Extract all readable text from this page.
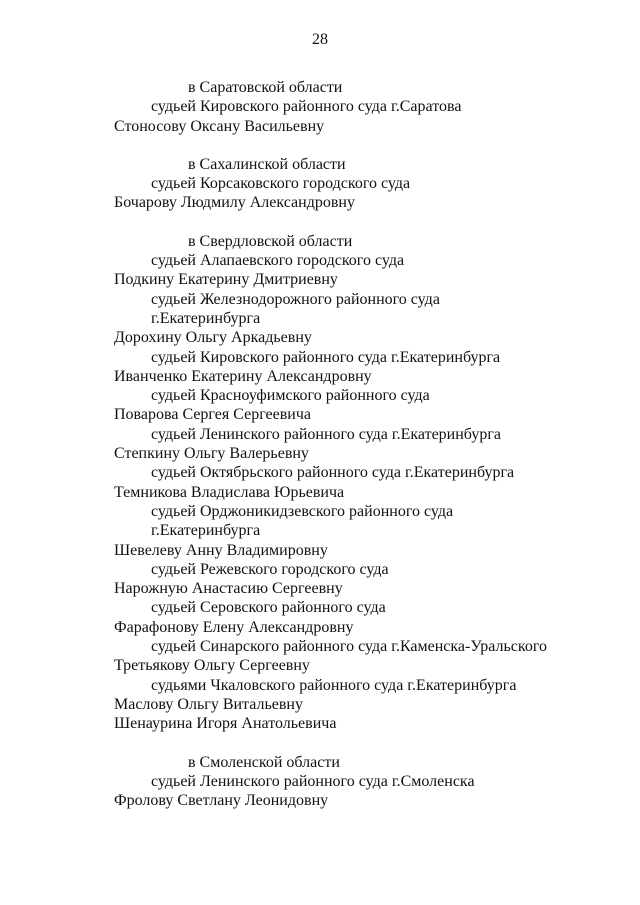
28
в Саратовской области
судьей Кировского районного суда г.Саратова
Стоносову Оксану Васильевну
в Сахалинской области
судьей Корсаковского городского суда
Бочарову Людмилу Александровну
в Свердловской области
судьей Алапаевского городского суда
Подкину Екатерину Дмитриевну
судьей Железнодорожного районного суда
г.Екатеринбурга
Дорохину Ольгу Аркадьевну
судьей Кировского районного суда г.Екатеринбурга
Иванченко Екатерину Александровну
судьей Красноуфимского районного суда
Поварова Сергея Сергеевича
судьей Ленинского районного суда г.Екатеринбурга
Степкину Ольгу Валерьевну
судьей Октябрьского районного суда г.Екатеринбурга
Темникова Владислава Юрьевича
судьей Орджоникидзевского районного суда
г.Екатеринбурга
Шевелеву Анну Владимировну
судьей Режевского городского суда
Нарожную Анастасию Сергеевну
судьей Серовского районного суда
Фарафонову Елену Александровну
судьей Синарского районного суда г.Каменска-Уральского
Третьякову Ольгу Сергеевну
судьями Чкаловского районного суда г.Екатеринбурга
Маслову Ольгу Витальевну
Шенаурина Игоря Анатольевича
в Смоленской области
судьей Ленинского районного суда г.Смоленска
Фролову Светлану Леонидовну
